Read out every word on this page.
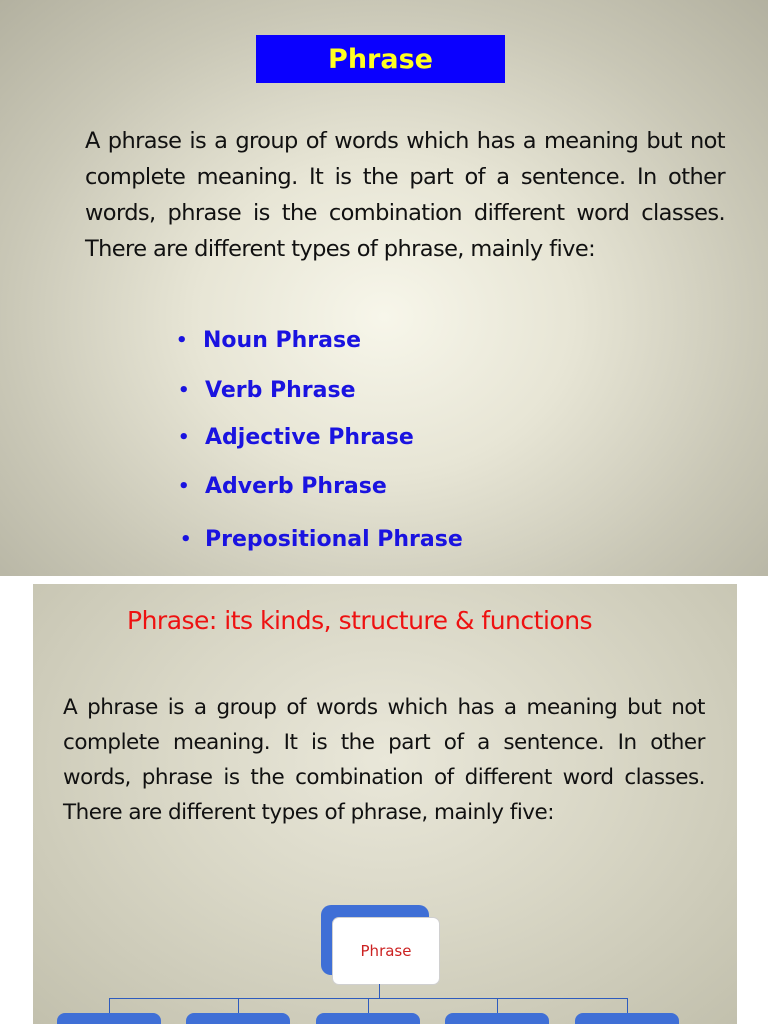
Phrase

A phrase is a group of words which has a meaning but not complete meaning. It is the part of a sentence. In other words, phrase is the combination different word classes. There are different types of phrase, mainly five:

• Noun Phrase
• Verb Phrase
• Adjective Phrase
• Adverb Phrase
• Prepositional Phrase
Phrase: its kinds, structure & functions

A phrase is a group of words which has a meaning but not complete meaning. It is the part of a sentence. In other words, phrase is the combination of different word classes. There are different types of phrase, mainly five:

Phrase
